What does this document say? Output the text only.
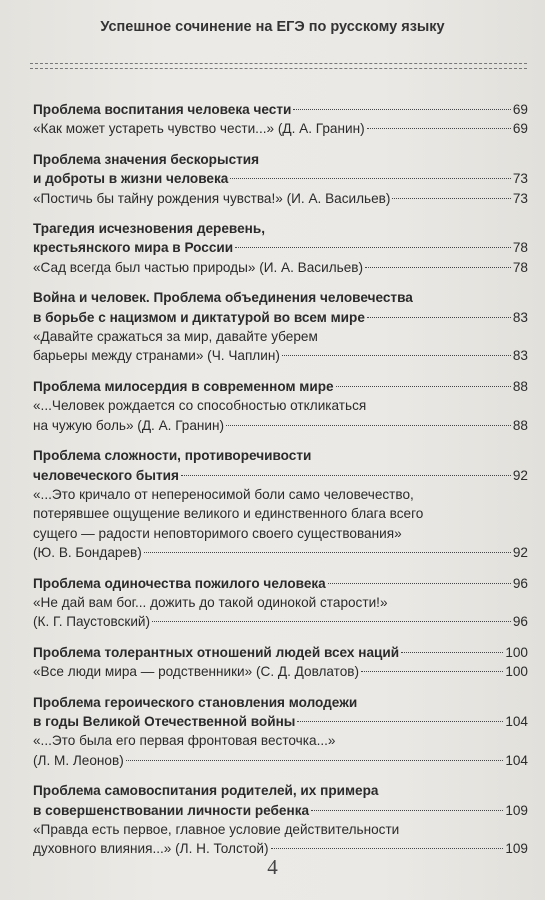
Успешное сочинение на ЕГЭ по русскому языку
Проблема воспитания человека чести	69
«Как может устареть чувство чести...» (Д. А. Гранин)	69
Проблема значения бескорыстия
и доброты в жизни человека	73
«Постичь бы тайну рождения чувства!» (И. А. Васильев)	73
Трагедия исчезновения деревень,
крестьянского мира в России	78
«Сад всегда был частью природы» (И. А. Васильев)	78
Война и человек. Проблема объединения человечества
в борьбе с нацизмом и диктатурой во всем мире	83
«Давайте сражаться за мир, давайте уберем
барьеры между странами» (Ч. Чаплин)	83
Проблема милосердия в современном мире	88
«...Человек рождается со способностью откликаться
на чужую боль» (Д. А. Гранин)	88
Проблема сложности, противоречивости
человеческого бытия	92
«...Это кричало от непереносимой боли само человечество,
потерявшее ощущение великого и единственного блага всего
сущего — радости неповторимого своего существования»
(Ю. В. Бондарев)	92
Проблема одиночества пожилого человека	96
«Не дай вам бог... дожить до такой одинокой старости!»
(К. Г. Паустовский)	96
Проблема толерантных отношений людей всех наций	100
«Все люди мира — родственники» (С. Д. Довлатов)	100
Проблема героического становления молодежи
в годы Великой Отечественной войны	104
«...Это была его первая фронтовая весточка...»
(Л. М. Леонов)	104
Проблема самовоспитания родителей, их примера
в совершенствовании личности ребенка	109
«Правда есть первое, главное условие действительности
духовного влияния...» (Л. Н. Толстой)	109
4
